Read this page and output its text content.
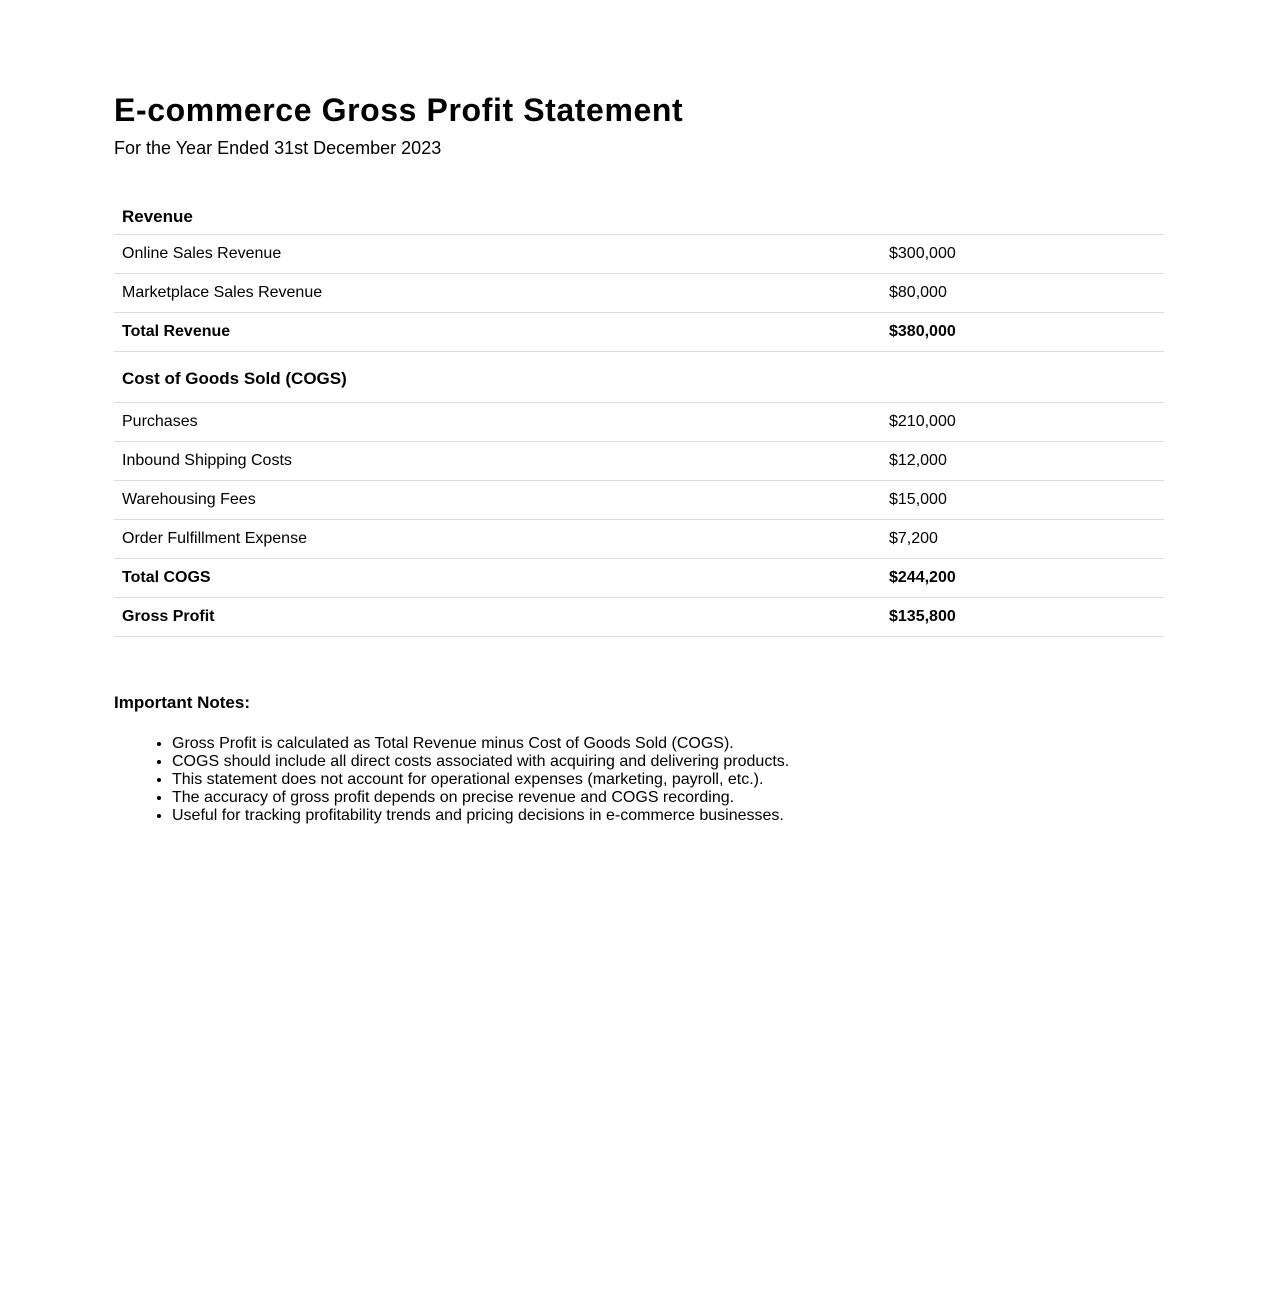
E-commerce Gross Profit Statement

For the Year Ended 31st December 2023

Revenue	
Online Sales Revenue	$300,000
Marketplace Sales Revenue	$80,000
Total Revenue	$380,000
Cost of Goods Sold (COGS)	
Purchases	$210,000
Inbound Shipping Costs	$12,000
Warehousing Fees	$15,000
Order Fulfillment Expense	$7,200
Total COGS	$244,200
Gross Profit	$135,800
Important Notes:
• Gross Profit is calculated as Total Revenue minus Cost of Goods Sold (COGS).
• COGS should include all direct costs associated with acquiring and delivering products.
• This statement does not account for operational expenses (marketing, payroll, etc.).
• The accuracy of gross profit depends on precise revenue and COGS recording.
• Useful for tracking profitability trends and pricing decisions in e-commerce businesses.
